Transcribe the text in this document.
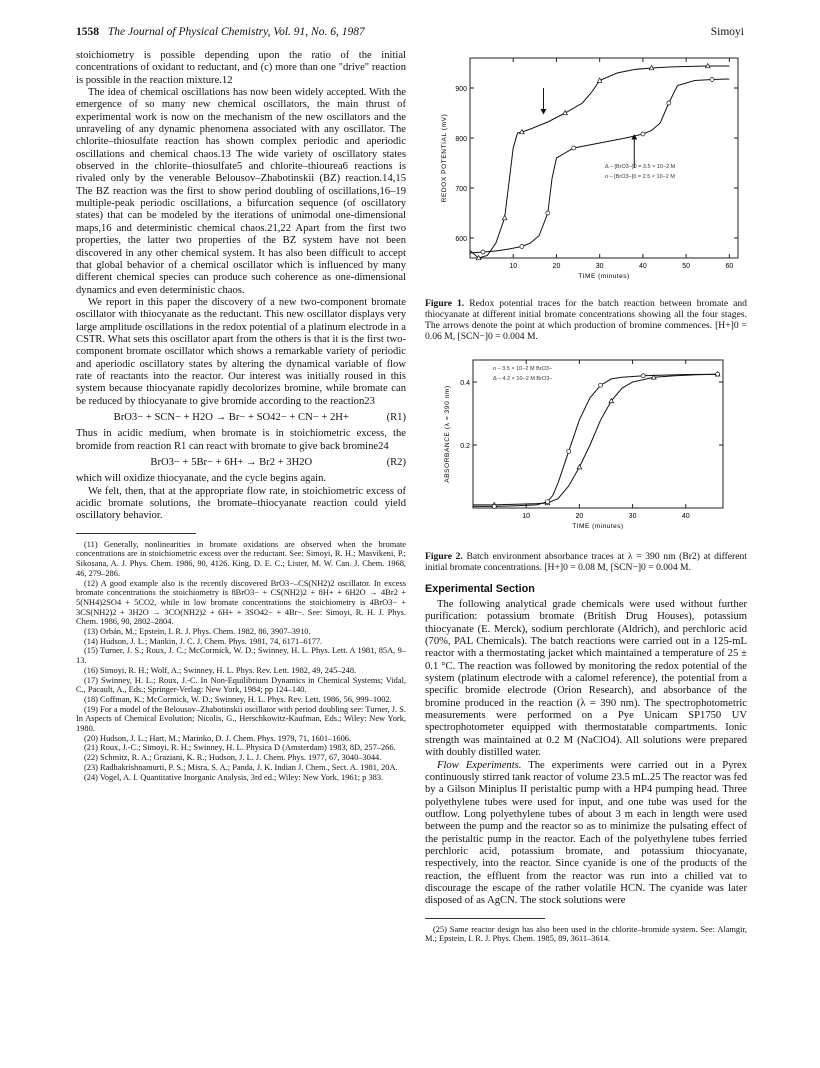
1558 The Journal of Physical Chemistry, Vol. 91, No. 6, 1987	Simoyi

stoichiometry is possible depending upon the ratio of the initial concentrations of oxidant to reductant, and (c) more than one "drive" reaction is possible in the reaction mixture.12

The idea of chemical oscillations has now been widely accepted. With the emergence of so many new chemical oscillators, the main thrust of experimental work is now on the mechanism of the new oscillators and the unraveling of any dynamic phenomena associated with any oscillator. The chlorite–thiosulfate reaction has shown complex periodic and aperiodic oscillations and chemical chaos.13 The wide variety of oscillatory states observed in the chlorite–thiosulfate5 and chlorite–thiourea6 reactions is rivaled only by the venerable Belousov–Zhabotinskii (BZ) reaction.14,15 The BZ reaction was the first to show period doubling of oscillations,16–19 multiple-peak periodic oscillations, a bifurcation sequence (of oscillatory states) that can be modeled by the iterations of unimodal one-dimensional maps,16 and deterministic chemical chaos.21,22 Apart from the first two properties, the latter two properties of the BZ system have not been discovered in any other chemical system. It has also been difficult to accept that global behavior of a chemical oscillator which is influenced by many different chemical species can produce such coherence as one-dimensional dynamics and even deterministic chaos.

We report in this paper the discovery of a new two-component bromate oscillator with thiocyanate as the reductant. This new oscillator displays very large amplitude oscillations in the redox potential of a platinum electrode in a CSTR. What sets this oscillator apart from the others is that it is the first two-component bromate oscillator which shows a remarkable variety of periodic and aperiodic oscillatory states by altering the dynamical variable of flow rate of reactants into the reactor. Our interest was initially roused in this system because thiocyanate rapidly decolorizes bromine, while bromate can be reduced by thiocyanate to give bromide according to the reaction23

BrO3− + SCN− + H2O → Br− + SO42− + CN− + 2H+	(R1)

Thus in acidic medium, when bromate is in stoichiometric excess, the bromide from reaction R1 can react with bromate to give back bromine24

BrO3− + 5Br− + 6H+ → Br2 + 3H2O	(R2)

which will oxidize thiocyanate, and the cycle begins again.

We felt, then, that at the appropriate flow rate, in stoichiometric excess of acidic bromate solutions, the bromate–thiocyanate reaction could yield oscillatory behavior.

(11) Generally, nonlinearities in bromate oxidations are observed when the bromate concentrations are in stoichiometric excess over the reductant. See: Simoyi, R. H.; Masvikeni, P.; Sikosana, A. J. Phys. Chem. 1986, 90, 4126. King, D. E. C.; Lister, M. W. Can. J. Chem. 1968, 46, 279–286.

(12) A good example also is the recently discovered BrO3−–CS(NH2)2 oscillator. In excess bromate concentrations the stoichiometry is 8BrO3− + CS(NH2)2 + 8H+ + 6H2O → 4Br2 + 5(NH4)2SO4 + 5CO2, while in low bromate concentrations the stoichiometry is 4BrO3− + 3CS(NH2)2 + 3H2O → 3CO(NH2)2 + 6H+ + 3SO42− + 4Br−. See: Simoyi, R. H. J. Phys. Chem. 1986, 90, 2802–2804.

(13) Orbán, M.; Epstein, I. R. J. Phys. Chem. 1982, 86, 3907–3910.

(14) Hudson, J. L.; Mankin, J. C. J. Chem. Phys. 1981, 74, 6171–6177.

(15) Turner, J. S.; Roux, J. C.; McCormick, W. D.; Swinney, H. L. Phys. Lett. A 1981, 85A, 9–13.

(16) Simoyi, R. H.; Wolf, A.; Swinney, H. L. Phys. Rev. Lett. 1982, 49, 245–248.

(17) Swinney, H. L.; Roux, J.-C. In Non-Equilibrium Dynamics in Chemical Systems; Vidal, C., Pacault, A., Eds.; Springer-Verlag: New York, 1984; pp 124–140.

(18) Coffman, K.; McCormick, W. D.; Swinney, H. L. Phys. Rev. Lett. 1986, 56, 999–1002.

(19) For a model of the Belousov–Zhabotinskii oscillator with period doubling see: Turner, J. S. In Aspects of Chemical Evolution; Nicolis, G., Herschkowitz-Kaufman, Eds.; Wiley: New York, 1980.

(20) Hudson, J. L.; Hart, M.; Marinko, D. J. Chem. Phys. 1979, 71, 1601–1606.

(21) Roux, J.-C.; Simoyi, R. H.; Swinney, H. L. Physica D (Amsterdam) 1983, 8D, 257–266.

(22) Schmitz, R. A.; Graziani, K. R.; Hudson, J. L. J. Chem. Phys. 1977, 67, 3040–3044.

(23) Radhakrishnamurti, P. S.; Misra, S. A.; Panda, J. K. Indian J. Chem., Sect. A. 1981, 20A.

(24) Vogel, A. I. Quantitative Inorganic Analysis, 3rd ed.; Wiley: New York, 1961; p 383.

10	20	30	40	50	60
600
700
800
900
TIME (minutes)
REDOX POTENTIAL (mV)	Δ – [BrO3−]0 = 3.5 × 10−2 M
o – [BrO3−]0 = 2.5 × 10−2 M
Figure 1. Redox potential traces for the batch reaction between bromate and thiocyanate at different initial bromate concentrations showing all the four stages. The arrows denote the point at which production of bromine commences. [H+]0 = 0.06 M, [SCN−]0 = 0.004 M.
10	20	30	40
0.2
0.4
TIME (minutes)
ABSORBANCE (λ = 390 nm)
o – 3.5 × 10−2 M BrO3−
Δ – 4.2 × 10−2 M BrO3−
Figure 2. Batch environment absorbance traces at λ = 390 nm (Br2) at different initial bromate concentrations. [H+]0 = 0.08 M, [SCN−]0 = 0.004 M.
Experimental Section

The following analytical grade chemicals were used without further purification: potassium bromate (British Drug Houses), potassium thiocyanate (E. Merck), sodium perchlorate (Aldrich), and perchloric acid (70%, PAL Chemicals). The batch reactions were carried out in a 125-mL reactor with a thermostating jacket which maintained a temperature of 25 ± 0.1 °C. The reaction was followed by monitoring the redox potential of the system (platinum electrode with a calomel reference), the potential from a specific bromide electrode (Orion Research), and absorbance of the bromine produced in the reaction (λ = 390 nm). The spectrophotometric measurements were performed on a Pye Unicam SP1750 UV spectrophotometer equipped with thermostatable compartments. Ionic strength was maintained at 0.2 M (NaClO4). All solutions were prepared with doubly distilled water.

Flow Experiments. The experiments were carried out in a Pyrex continuously stirred tank reactor of volume 23.5 mL.25 The reactor was fed by a Gilson Miniplus II peristaltic pump with a HP4 pumping head. Three polyethylene tubes were used for input, and one tube was used for the outflow. Long polyethylene tubes of about 3 m each in length were used between the pump and the reactor so as to minimize the pulsating effect of the peristaltic pump in the reactor. Each of the polyethylene tubes ferried perchloric acid, potassium bromate, and potassium thiocyanate, respectively, into the reactor. Since cyanide is one of the products of the reaction, the effluent from the reactor was run into a chilled vat to discourage the escape of the rather volatile HCN. The cyanide was later disposed of as AgCN. The stock solutions were

(25) Same reactor design has also been used in the chlorite–bromide system. See: Alamgir, M.; Epstein, I. R. J. Phys. Chem. 1985, 89, 3611–3614.
